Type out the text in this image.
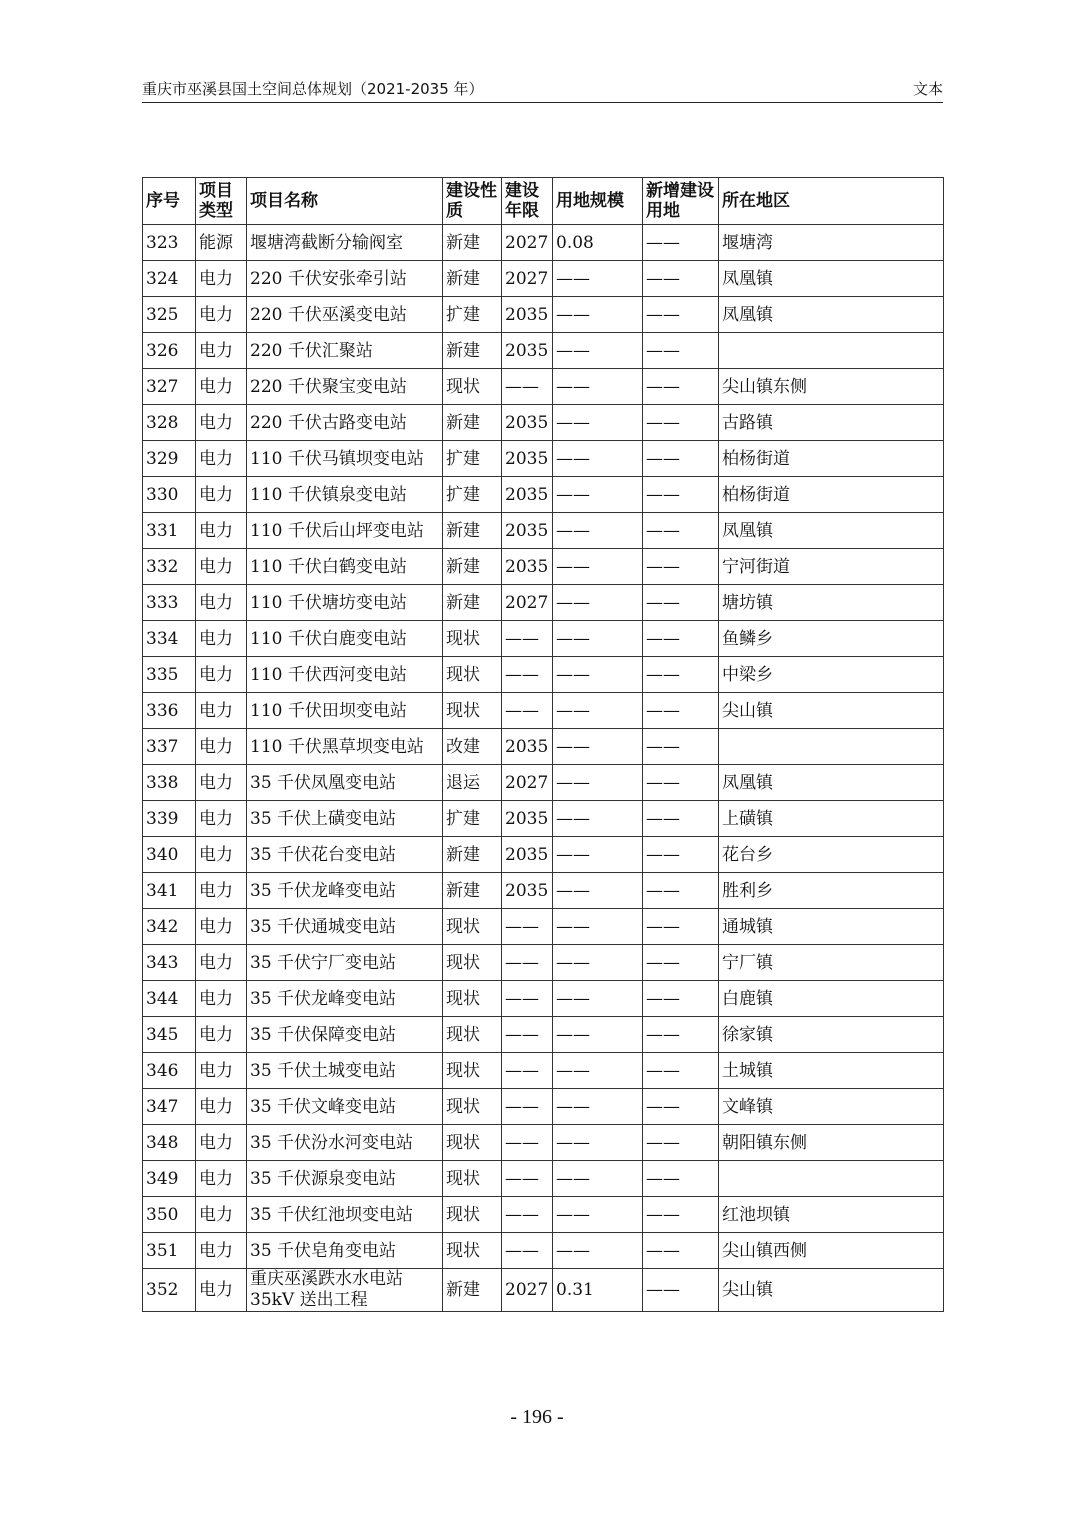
重庆市巫溪县国土空间总体规划（2021-2035 年）	文本
序号	项目类型	项目名称	建设性质	建设年限	用地规模	新增建设用地	所在地区
323	能源	堰塘湾截断分输阀室	新建	2027	0.08	——	堰塘湾
324	电力	220 千伏安张牵引站	新建	2027	——	——	凤凰镇
325	电力	220 千伏巫溪变电站	扩建	2035	——	——	凤凰镇
326	电力	220 千伏汇聚站	新建	2035	——	——	
327	电力	220 千伏聚宝变电站	现状	——	——	——	尖山镇东侧
328	电力	220 千伏古路变电站	新建	2035	——	——	古路镇
329	电力	110 千伏马镇坝变电站	扩建	2035	——	——	柏杨街道
330	电力	110 千伏镇泉变电站	扩建	2035	——	——	柏杨街道
331	电力	110 千伏后山坪变电站	新建	2035	——	——	凤凰镇
332	电力	110 千伏白鹤变电站	新建	2035	——	——	宁河街道
333	电力	110 千伏塘坊变电站	新建	2027	——	——	塘坊镇
334	电力	110 千伏白鹿变电站	现状	——	——	——	鱼鳞乡
335	电力	110 千伏西河变电站	现状	——	——	——	中梁乡
336	电力	110 千伏田坝变电站	现状	——	——	——	尖山镇
337	电力	110 千伏黑草坝变电站	改建	2035	——	——	
338	电力	35 千伏凤凰变电站	退运	2027	——	——	凤凰镇
339	电力	35 千伏上磺变电站	扩建	2035	——	——	上磺镇
340	电力	35 千伏花台变电站	新建	2035	——	——	花台乡
341	电力	35 千伏龙峰变电站	新建	2035	——	——	胜利乡
342	电力	35 千伏通城变电站	现状	——	——	——	通城镇
343	电力	35 千伏宁厂变电站	现状	——	——	——	宁厂镇
344	电力	35 千伏龙峰变电站	现状	——	——	——	白鹿镇
345	电力	35 千伏保障变电站	现状	——	——	——	徐家镇
346	电力	35 千伏土城变电站	现状	——	——	——	土城镇
347	电力	35 千伏文峰变电站	现状	——	——	——	文峰镇
348	电力	35 千伏汾水河变电站	现状	——	——	——	朝阳镇东侧
349	电力	35 千伏源泉变电站	现状	——	——	——	
350	电力	35 千伏红池坝变电站	现状	——	——	——	红池坝镇
351	电力	35 千伏皂角变电站	现状	——	——	——	尖山镇西侧
352	电力	重庆巫溪跌水水电站35kV 送出工程	新建	2027	0.31	——	尖山镇
- 196 -
